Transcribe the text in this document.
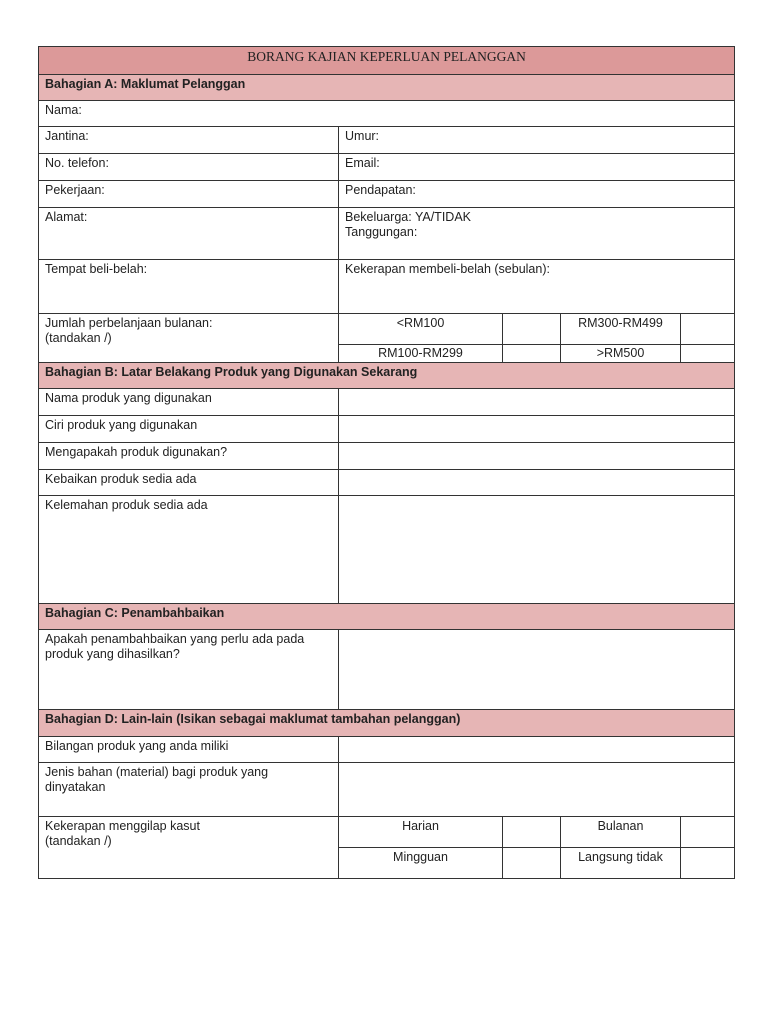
BORANG KAJIAN KEPERLUAN PELANGGAN				
Bahagian A: Maklumat Pelanggan				
Nama:				
Jantina:	Umur:			
No. telefon:	Email:			
Pekerjaan:	Pendapatan:			
Alamat:	Bekeluarga: YA/TIDAK
Tanggungan:			

Tempat beli-belah:	Kekerapan membeli-belah (sebulan):			

Jumlah perbelanjaan bulanan:
(tandakan /)	<RM100		RM300-RM499	
	RM100-RM299		>RM500	
Bahagian B: Latar Belakang Produk yang Digunakan Sekarang				
Nama produk yang digunakan				
Ciri produk yang digunakan				
Mengapakah produk digunakan?				
Kebaikan produk sedia ada				
Kelemahan produk sedia ada				
Bahagian C: Penambahbaikan				

Apakah penambahbaikan yang perlu ada pada
produk yang dihasilkan?				

Bahagian D: Lain-lain (Isikan sebagai maklumat tambahan pelanggan)				
Bilangan produk yang anda miliki				

Jenis bahan (material) bagi produk yang
dinyatakan				

Kekerapan menggilap kasut
(tandakan /)	Harian		Bulanan	
	Mingguan		Langsung tidak	
